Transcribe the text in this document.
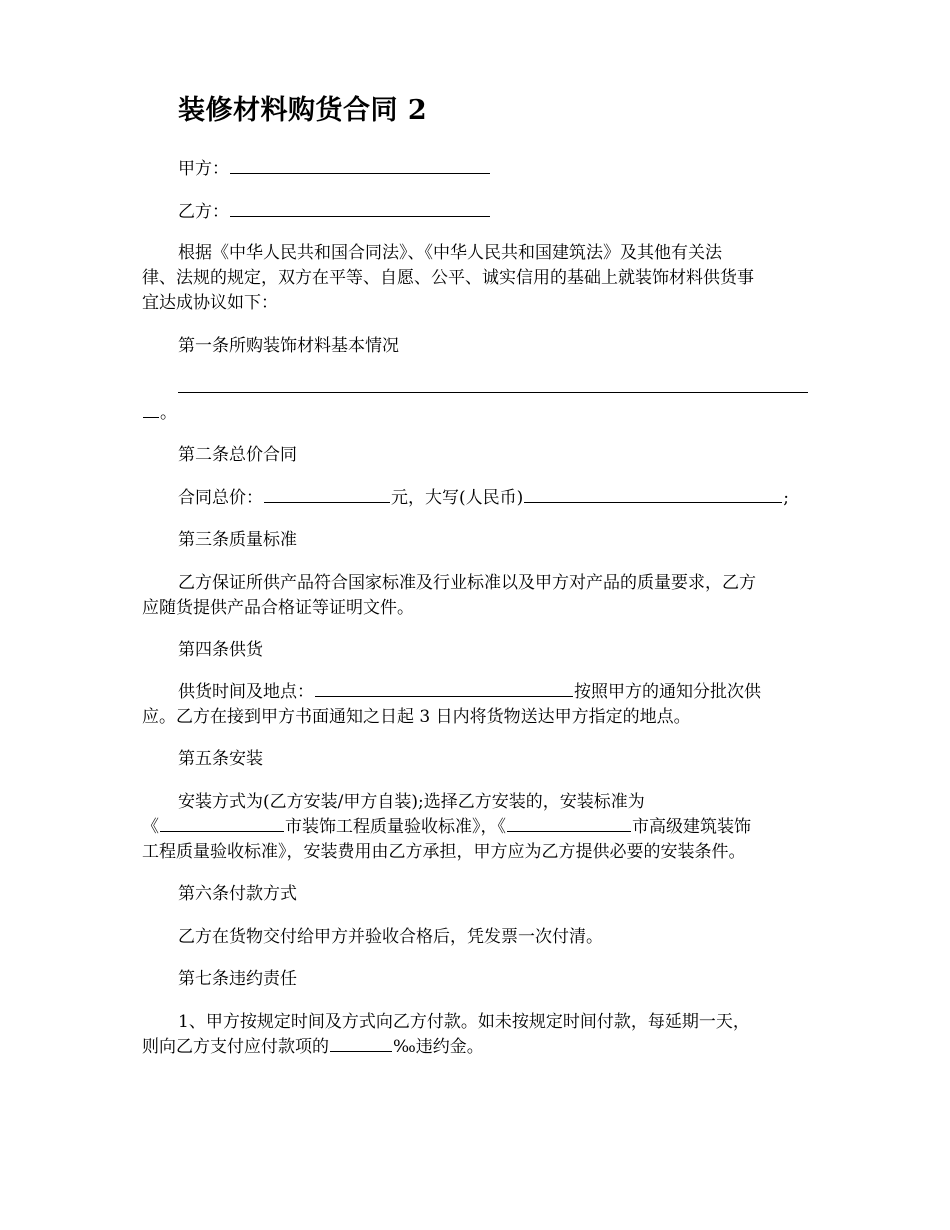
装修材料购货合同 2
甲方：
乙方：
根据《中华人民共和国合同法》、《中华人民共和国建筑法》及其他有关法
律、法规的规定，双方在平等、自愿、公平、诚实信用的基础上就装饰材料供货事
宜达成协议如下：
第一条所购装饰材料基本情况
。
第二条总价合同
合同总价：	元，大写(人民币)	;
第三条质量标准
乙方保证所供产品符合国家标准及行业标准以及甲方对产品的质量要求，乙方
应随货提供产品合格证等证明文件。
第四条供货
供货时间及地点：	按照甲方的通知分批次供
应。乙方在接到甲方书面通知之日起 3 日内将货物送达甲方指定的地点。
第五条安装
安装方式为(乙方安装/甲方自装);选择乙方安装的，安装标准为
《	市装饰工程质量验收标准》，《	市高级建筑装饰
工程质量验收标准》，安装费用由乙方承担，甲方应为乙方提供必要的安装条件。
第六条付款方式
乙方在货物交付给甲方并验收合格后，凭发票一次付清。
第七条违约责任
1、甲方按规定时间及方式向乙方付款。如未按规定时间付款，每延期一天，
则向乙方支付应付款项的	‰违约金。
